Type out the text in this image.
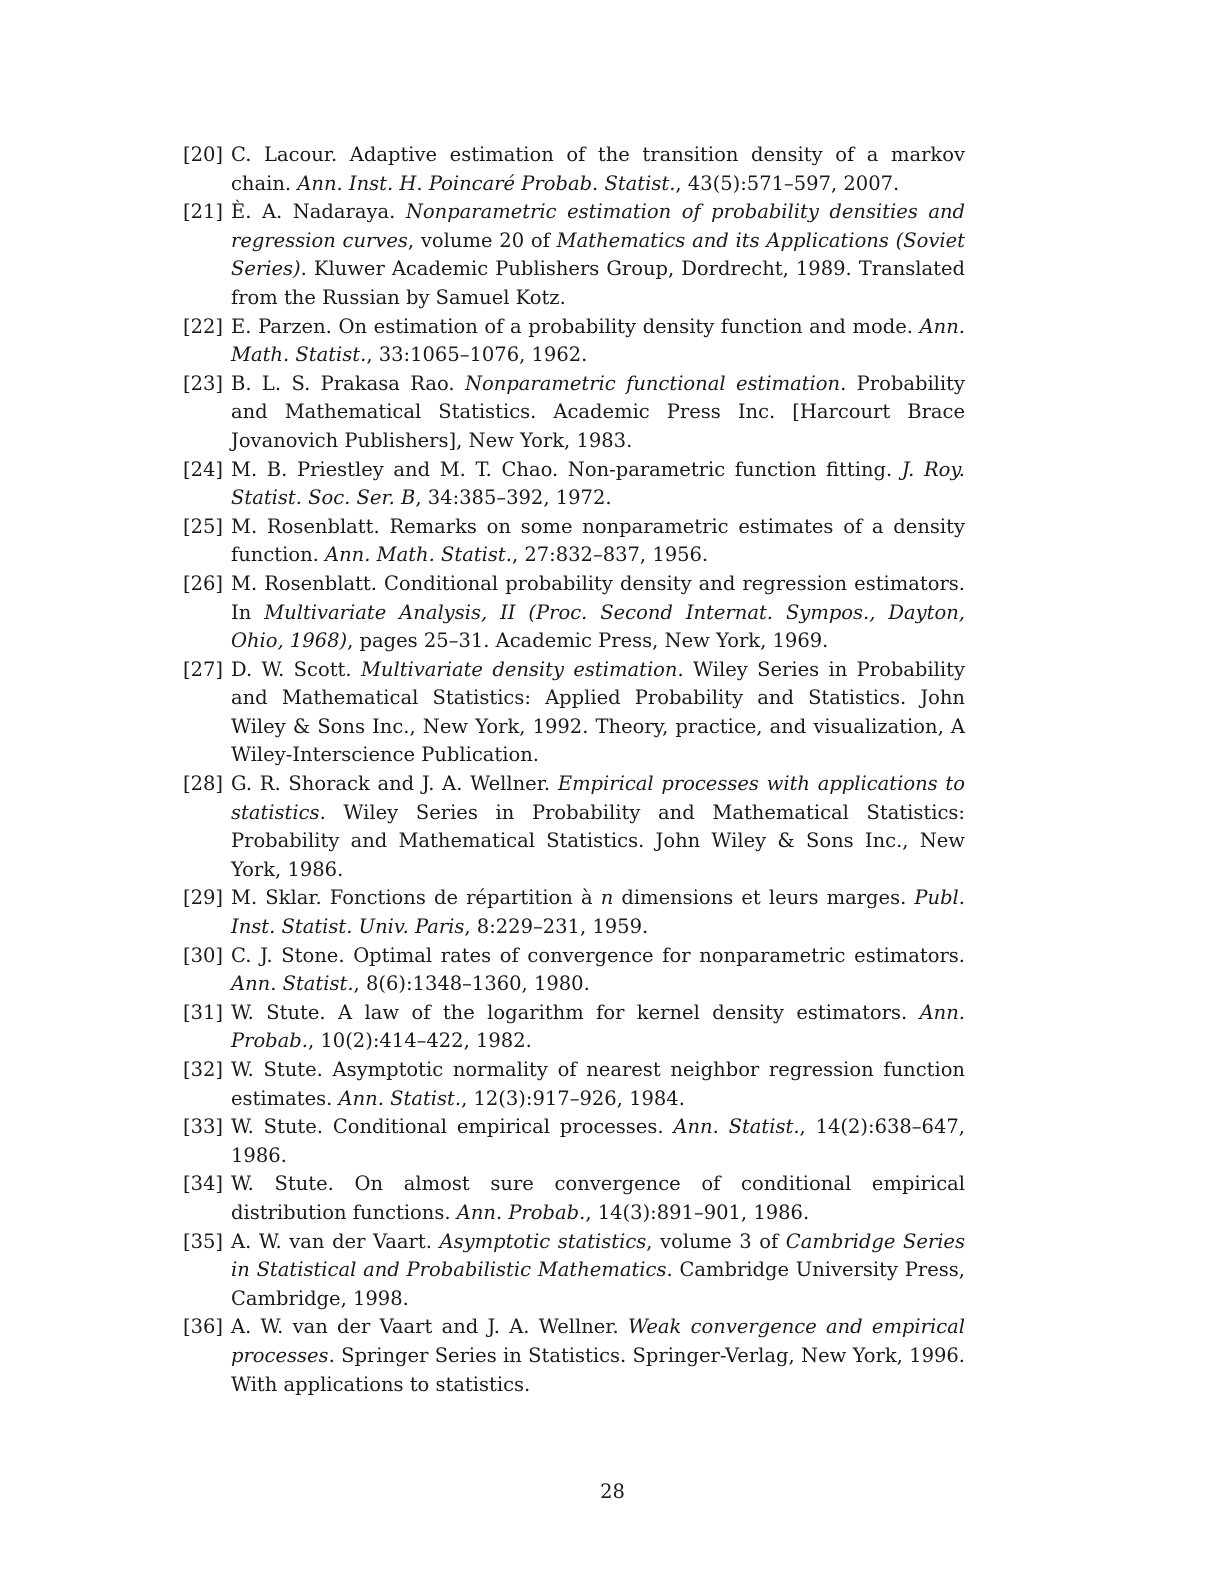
[20] C. Lacour. Adaptive estimation of the transition density of a markov chain. Ann. Inst. H. Poincaré Probab. Statist., 43(5):571–597, 2007.
[21] È. A. Nadaraya. Nonparametric estimation of probability densities and regression curves, volume 20 of Mathematics and its Applications (Soviet Series). Kluwer Academic Publishers Group, Dordrecht, 1989. Translated from the Russian by Samuel Kotz.
[22] E. Parzen. On estimation of a probability density function and mode. Ann. Math. Statist., 33:1065–1076, 1962.
[23] B. L. S. Prakasa Rao. Nonparametric functional estimation. Probability and Mathematical Statistics. Academic Press Inc. [Harcourt Brace Jovanovich Publishers], New York, 1983.
[24] M. B. Priestley and M. T. Chao. Non-parametric function fitting. J. Roy. Statist. Soc. Ser. B, 34:385–392, 1972.
[25] M. Rosenblatt. Remarks on some nonparametric estimates of a density function. Ann. Math. Statist., 27:832–837, 1956.
[26] M. Rosenblatt. Conditional probability density and regression estimators. In Multivariate Analysis, II (Proc. Second Internat. Sympos., Dayton, Ohio, 1968), pages 25–31. Academic Press, New York, 1969.
[27] D. W. Scott. Multivariate density estimation. Wiley Series in Probability and Mathematical Statistics: Applied Probability and Statistics. John Wiley & Sons Inc., New York, 1992. Theory, practice, and visualization, A Wiley-Interscience Publication.
[28] G. R. Shorack and J. A. Wellner. Empirical processes with applications to statistics. Wiley Series in Probability and Mathematical Statistics: Probability and Mathematical Statistics. John Wiley & Sons Inc., New York, 1986.
[29] M. Sklar. Fonctions de répartition à n dimensions et leurs marges. Publ. Inst. Statist. Univ. Paris, 8:229–231, 1959.
[30] C. J. Stone. Optimal rates of convergence for nonparametric estimators. Ann. Statist., 8(6):1348–1360, 1980.
[31] W. Stute. A law of the logarithm for kernel density estimators. Ann. Probab., 10(2):414–422, 1982.
[32] W. Stute. Asymptotic normality of nearest neighbor regression function estimates. Ann. Statist., 12(3):917–926, 1984.
[33] W. Stute. Conditional empirical processes. Ann. Statist., 14(2):638–647, 1986.
[34] W. Stute. On almost sure convergence of conditional empirical distribution functions. Ann. Probab., 14(3):891–901, 1986.
[35] A. W. van der Vaart. Asymptotic statistics, volume 3 of Cambridge Series in Statistical and Probabilistic Mathematics. Cambridge University Press, Cambridge, 1998.
[36] A. W. van der Vaart and J. A. Wellner. Weak convergence and empirical processes. Springer Series in Statistics. Springer-Verlag, New York, 1996. With applications to statistics.
28
